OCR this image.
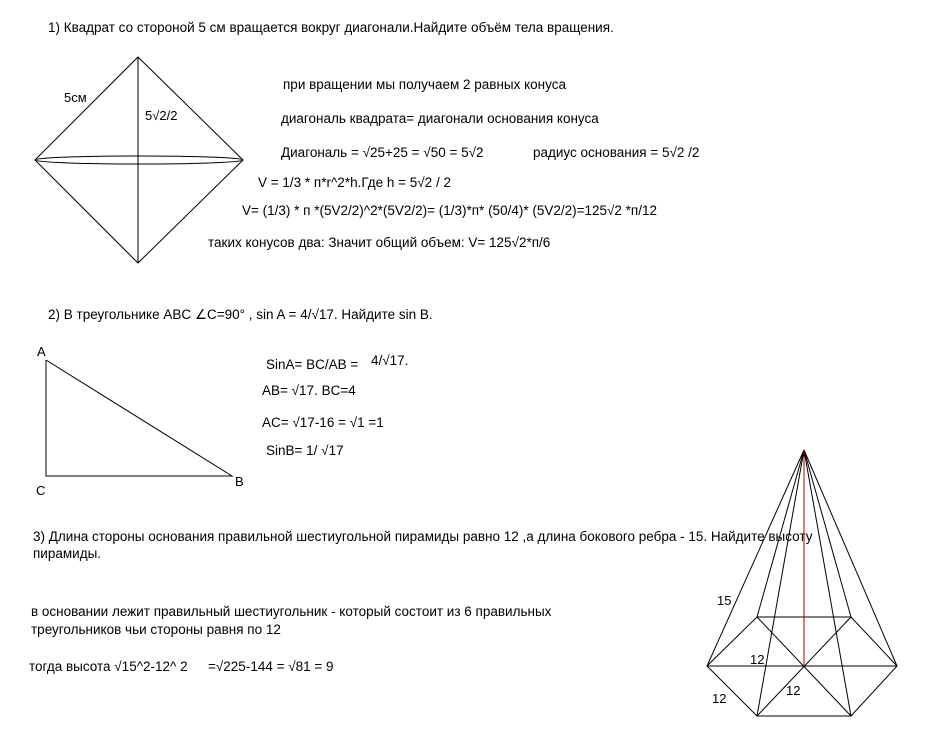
1) Квадрат со стороной 5 см вращается вокруг диагонали.Найдите объём тела вращения.
5см
5√2/2
при вращении мы получаем 2 равных конуса
диагональ квадрата= диагонали основания конуса
Диагональ = √25+25 = √50 = 5√2	радиус основания = 5√2 /2
V = 1/3 * п*r^2*h.Где h = 5√2 / 2
V= (1/3) * п *(5V2/2)^2*(5V2/2)= (1/3)*п* (50/4)* (5V2/2)=125√2 *п/12
таких конусов два: Значит общий объем: V= 125√2*п/6
2) В треугольнике ABC ∠C=90° , sin A = 4/√17. Найдите sin B.
A
B
C
SinA= BC/AB = 4/√17.
AB= √17. BC=4
AC= √17-16 = √1 =1
SinB= 1/ √17
3) Длина стороны основания правильной шестиугольной пирамиды равно 12 ,а длина бокового ребра - 15. Найдите высоту
пирамиды.
в основании лежит правильный шестиугольник - который состоит из 6 правильных
треугольников чьи стороны равня по 12
тогда высота √15^2-12^ 2 =√225-144 = √81 = 9
15
12
12
12
